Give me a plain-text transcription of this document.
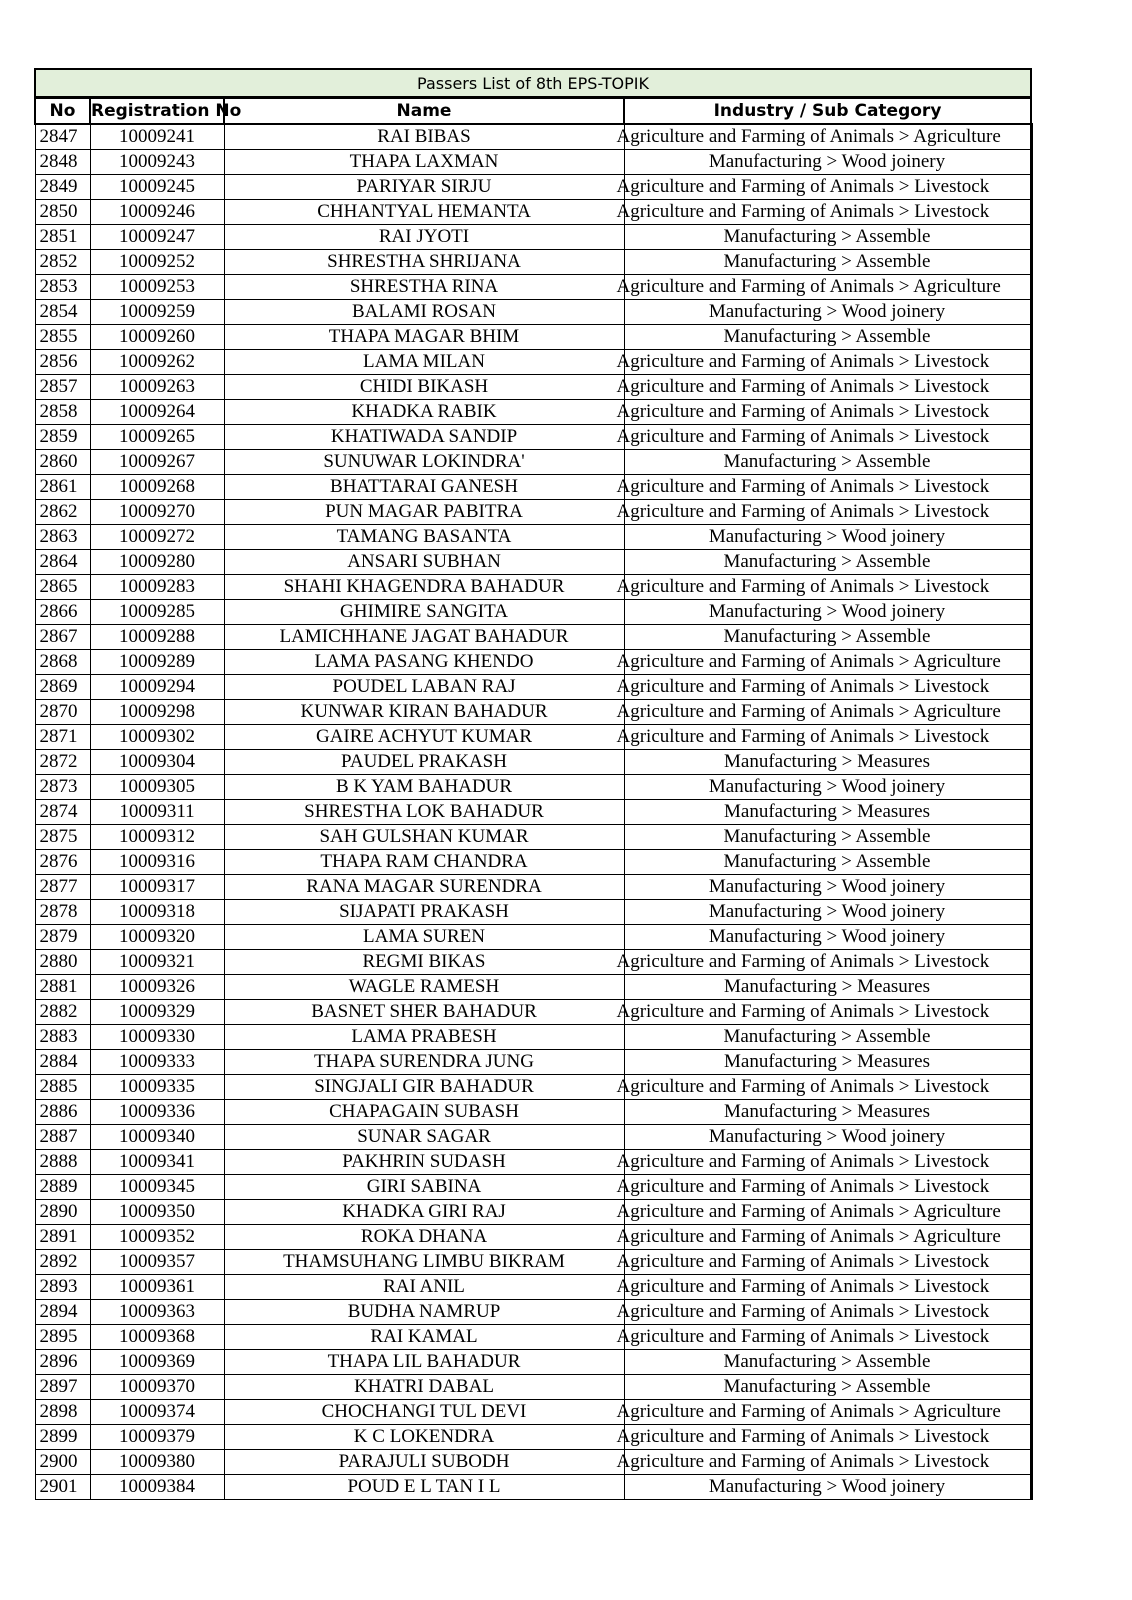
Passers List of 8th EPS-TOPIK			
No	Registration No	Name	Industry / Sub Category
2847	10009241	RAI BIBAS	Agriculture and Farming of Animals > Agriculture
2848	10009243	THAPA LAXMAN	Manufacturing > Wood joinery
2849	10009245	PARIYAR SIRJU	Agriculture and Farming of Animals > Livestock
2850	10009246	CHHANTYAL HEMANTA	Agriculture and Farming of Animals > Livestock
2851	10009247	RAI JYOTI	Manufacturing > Assemble
2852	10009252	SHRESTHA SHRIJANA	Manufacturing > Assemble
2853	10009253	SHRESTHA RINA	Agriculture and Farming of Animals > Agriculture
2854	10009259	BALAMI ROSAN	Manufacturing > Wood joinery
2855	10009260	THAPA MAGAR BHIM	Manufacturing > Assemble
2856	10009262	LAMA MILAN	Agriculture and Farming of Animals > Livestock
2857	10009263	CHIDI BIKASH	Agriculture and Farming of Animals > Livestock
2858	10009264	KHADKA RABIK	Agriculture and Farming of Animals > Livestock
2859	10009265	KHATIWADA SANDIP	Agriculture and Farming of Animals > Livestock
2860	10009267	SUNUWAR LOKINDRA'	Manufacturing > Assemble
2861	10009268	BHATTARAI GANESH	Agriculture and Farming of Animals > Livestock
2862	10009270	PUN MAGAR PABITRA	Agriculture and Farming of Animals > Livestock
2863	10009272	TAMANG BASANTA	Manufacturing > Wood joinery
2864	10009280	ANSARI SUBHAN	Manufacturing > Assemble
2865	10009283	SHAHI KHAGENDRA BAHADUR	Agriculture and Farming of Animals > Livestock
2866	10009285	GHIMIRE SANGITA	Manufacturing > Wood joinery
2867	10009288	LAMICHHANE JAGAT BAHADUR	Manufacturing > Assemble
2868	10009289	LAMA PASANG KHENDO	Agriculture and Farming of Animals > Agriculture
2869	10009294	POUDEL LABAN RAJ	Agriculture and Farming of Animals > Livestock
2870	10009298	KUNWAR KIRAN BAHADUR	Agriculture and Farming of Animals > Agriculture
2871	10009302	GAIRE ACHYUT KUMAR	Agriculture and Farming of Animals > Livestock
2872	10009304	PAUDEL PRAKASH	Manufacturing > Measures
2873	10009305	B K YAM BAHADUR	Manufacturing > Wood joinery
2874	10009311	SHRESTHA LOK BAHADUR	Manufacturing > Measures
2875	10009312	SAH GULSHAN KUMAR	Manufacturing > Assemble
2876	10009316	THAPA RAM CHANDRA	Manufacturing > Assemble
2877	10009317	RANA MAGAR SURENDRA	Manufacturing > Wood joinery
2878	10009318	SIJAPATI PRAKASH	Manufacturing > Wood joinery
2879	10009320	LAMA SUREN	Manufacturing > Wood joinery
2880	10009321	REGMI BIKAS	Agriculture and Farming of Animals > Livestock
2881	10009326	WAGLE RAMESH	Manufacturing > Measures
2882	10009329	BASNET SHER BAHADUR	Agriculture and Farming of Animals > Livestock
2883	10009330	LAMA PRABESH	Manufacturing > Assemble
2884	10009333	THAPA SURENDRA JUNG	Manufacturing > Measures
2885	10009335	SINGJALI GIR BAHADUR	Agriculture and Farming of Animals > Livestock
2886	10009336	CHAPAGAIN SUBASH	Manufacturing > Measures
2887	10009340	SUNAR SAGAR	Manufacturing > Wood joinery
2888	10009341	PAKHRIN SUDASH	Agriculture and Farming of Animals > Livestock
2889	10009345	GIRI SABINA	Agriculture and Farming of Animals > Livestock
2890	10009350	KHADKA GIRI RAJ	Agriculture and Farming of Animals > Agriculture
2891	10009352	ROKA DHANA	Agriculture and Farming of Animals > Agriculture
2892	10009357	THAMSUHANG LIMBU BIKRAM	Agriculture and Farming of Animals > Livestock
2893	10009361	RAI ANIL	Agriculture and Farming of Animals > Livestock
2894	10009363	BUDHA NAMRUP	Agriculture and Farming of Animals > Livestock
2895	10009368	RAI KAMAL	Agriculture and Farming of Animals > Livestock
2896	10009369	THAPA LIL BAHADUR	Manufacturing > Assemble
2897	10009370	KHATRI DABAL	Manufacturing > Assemble
2898	10009374	CHOCHANGI TUL DEVI	Agriculture and Farming of Animals > Agriculture
2899	10009379	K C LOKENDRA	Agriculture and Farming of Animals > Livestock
2900	10009380	PARAJULI SUBODH	Agriculture and Farming of Animals > Livestock
2901	10009384	POUD E L TAN I L	Manufacturing > Wood joinery
